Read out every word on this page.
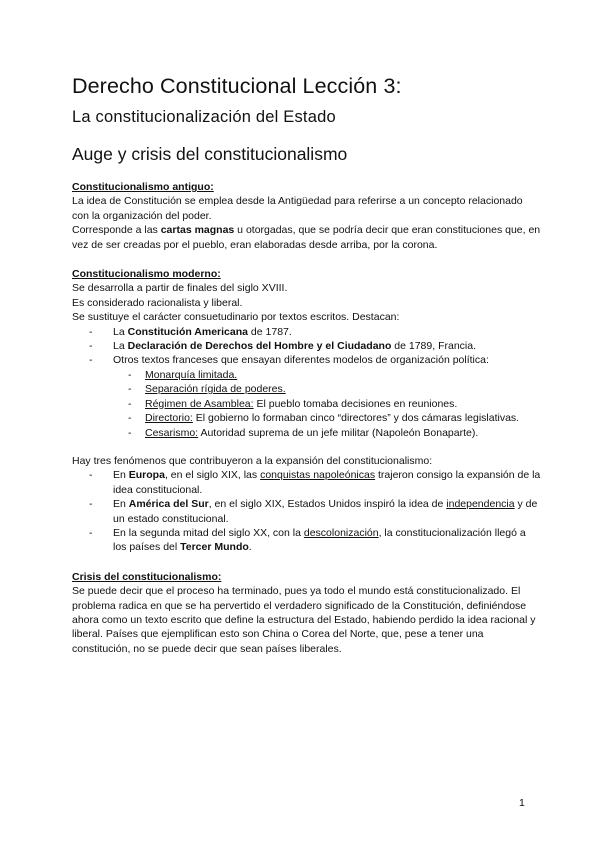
Derecho Constitucional Lección 3:
La constitucionalización del Estado
Auge y crisis del constitucionalismo

Constitucionalismo antiguo:

La idea de Constitución se emplea desde la Antigüedad para referirse a un concepto relacionado con la organización del poder.

Corresponde a las cartas magnas u otorgadas, que se podría decir que eran constituciones que, en vez de ser creadas por el pueblo, eran elaboradas desde arriba, por la corona.

Constitucionalismo moderno:

Se desarrolla a partir de finales del siglo XVIII.

Es considerado racionalista y liberal.

Se sustituye el carácter consuetudinario por textos escritos. Destacan:

- La Constitución Americana de 1787.
- La Declaración de Derechos del Hombre y el Ciudadano de 1789, Francia.
- Otros textos franceses que ensayan diferentes modelos de organización política:
- Monarquía limitada.
- Separación rígida de poderes.
- Régimen de Asamblea: El pueblo tomaba decisiones en reuniones.
- Directorio: El gobierno lo formaban cinco “directores” y dos cámaras legislativas.
- Cesarismo: Autoridad suprema de un jefe militar (Napoleón Bonaparte).

Hay tres fenómenos que contribuyeron a la expansión del constitucionalismo:

- En Europa, en el siglo XIX, las conquistas napoleónicas trajeron consigo la expansión de la idea constitucional.
- En América del Sur, en el siglo XIX, Estados Unidos inspiró la idea de independencia y de un estado constitucional.
- En la segunda mitad del siglo XX, con la descolonización, la constitucionalización llegó a los países del Tercer Mundo.

Crisis del constitucionalismo:

Se puede decir que el proceso ha terminado, pues ya todo el mundo está constitucionalizado. El problema radica en que se ha pervertido el verdadero significado de la Constitución, definiéndose ahora como un texto escrito que define la estructura del Estado, habiendo perdido la idea racional y liberal. Países que ejemplifican esto son China o Corea del Norte, que, pese a tener una constitución, no se puede decir que sean países liberales.

1
